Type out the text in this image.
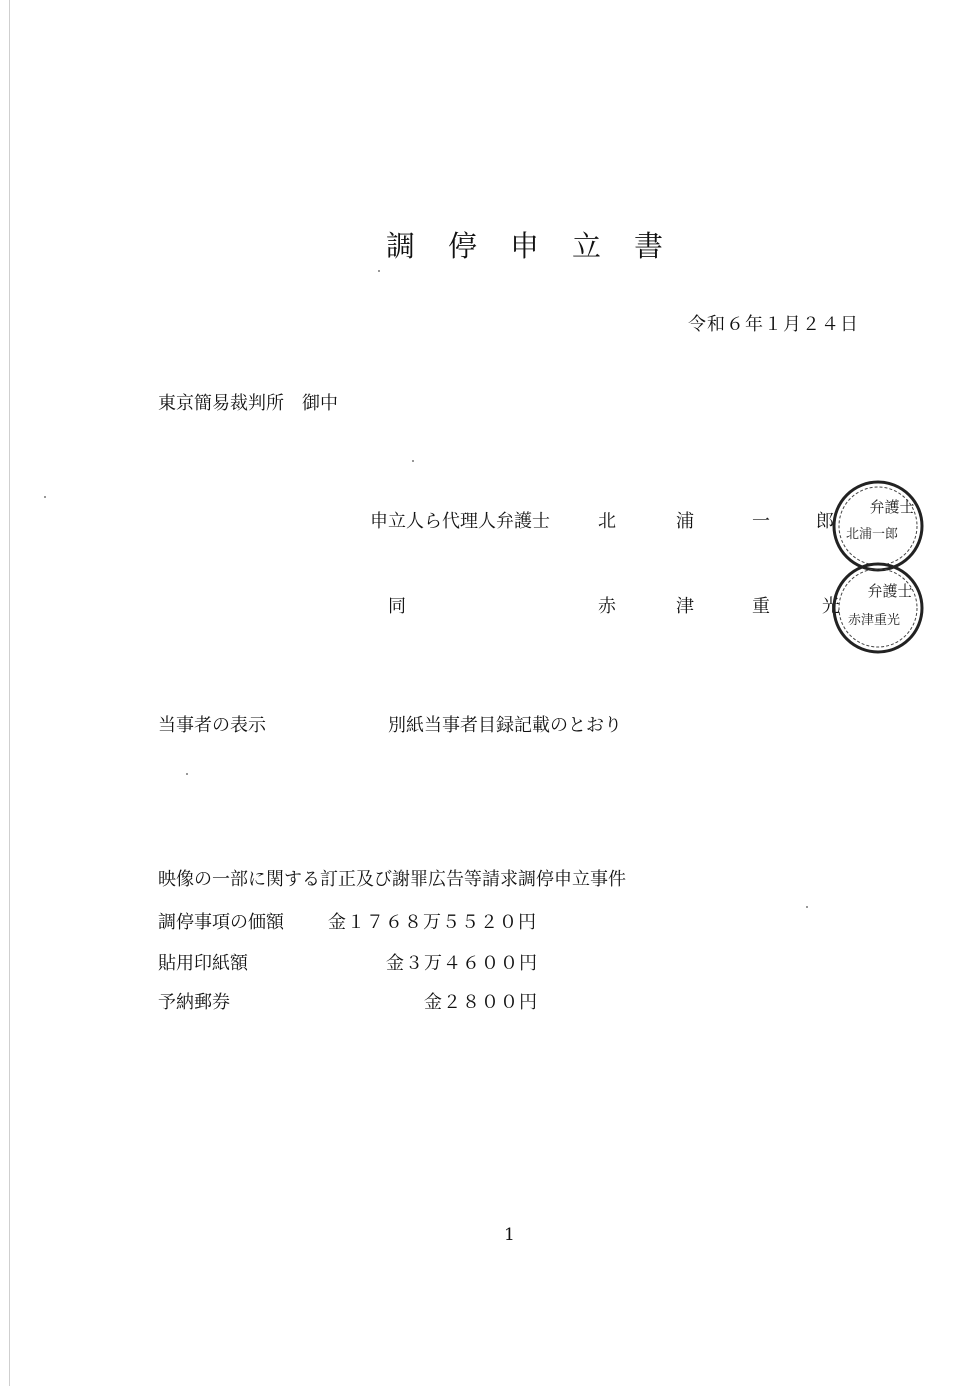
調停申立書
令和６年１月２４日
東京簡易裁判所　御中
申立人ら代理人弁護士	北	浦	一	郎
弁護士
北浦一郎
同	赤	津	重	光
弁護士
赤津重光
当事者の表示	別紙当事者目録記載のとおり
映像の一部に関する訂正及び謝罪広告等請求調停申立事件
調停事項の価額 金１７６８万５５２０円
貼用印紙額	金３万４６００円
予納郵券	金２８００円
1
